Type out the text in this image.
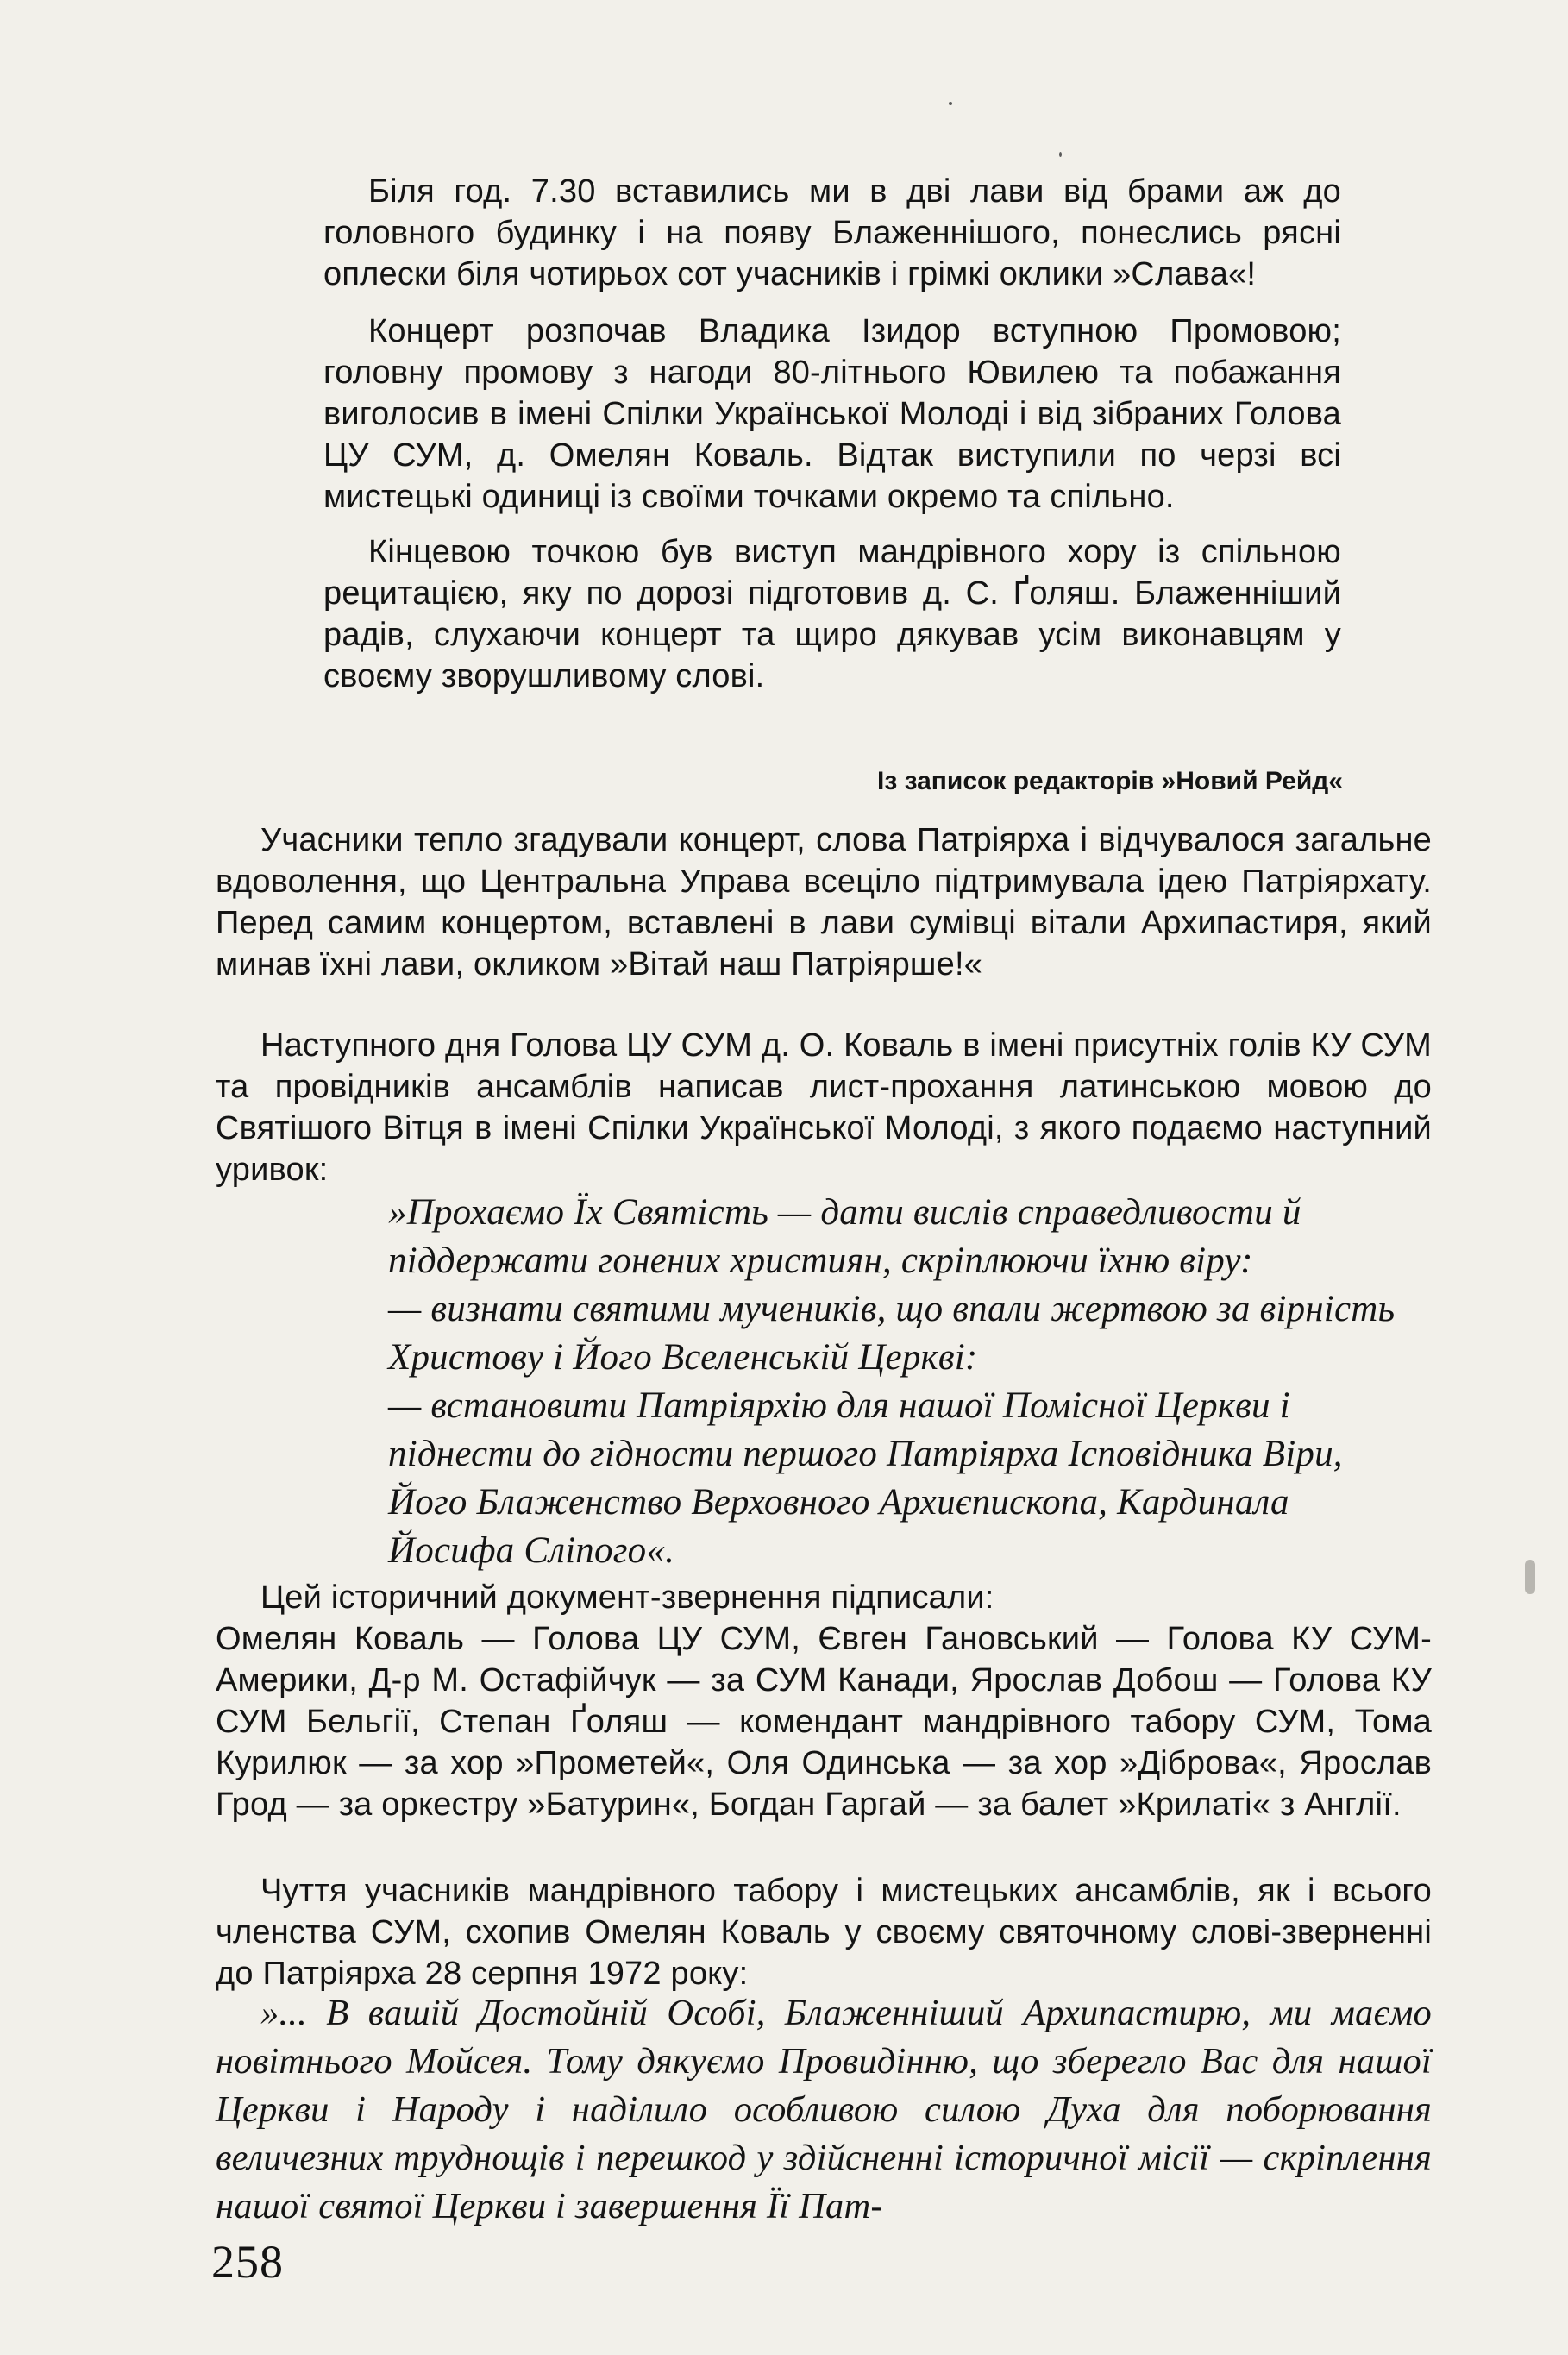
Біля год. 7.30 вставились ми в дві лави від брами аж до головного будинку і на появу Блаженнішого, понеслись рясні оплески біля чотирьох сот учасників і грімкі оклики »Слава«!

Концерт розпочав Владика Ізидор вступною Промовою; головну промову з нагоди 80-літнього Ювилею та побажання виголосив в імені Спілки Української Молоді і від зібраних Голова ЦУ СУМ, д. Омелян Коваль. Відтак виступили по черзі всі мистецькі одиниці із своїми точками окремо та спільно.

Кінцевою точкою був виступ мандрівного хору із спільною рецитацією, яку по дорозі підготовив д. С. Ґоляш. Блаженніший радів, слухаючи концерт та щиро дякував усім виконавцям у своєму зворушливому слові.

Із записок редакторів »Новий Рейд«

Учасники тепло згадували концерт, слова Патріярха і відчувалося загальне вдоволення, що Центральна Управа всеціло підтримувала ідею Патріярхату. Перед самим концертом, вставлені в лави сумівці вітали Архипастиря, який минав їхні лави, окликом »Вітай наш Патріярше!«

Наступного дня Голова ЦУ СУМ д. О. Коваль в імені присутніх голів КУ СУМ та провідників ансамблів написав лист-прохання латинською мовою до Святішого Вітця в імені Спілки Української Молоді, з якого подаємо наступний уривок:

»Прохаємо Їх Святість — дати вислів справедливости й піддержати гонених християн, скріплюючи їхню віру:
— визнати святими мучеників, що впали жертвою за вірність Христову і Його Вселенській Церкві:
— встановити Патріярхію для нашої Помісної Церкви і піднести до гідности першого Патріярха Ісповідника Віри, Його Блаженство Верховного Архиєпископа, Кардинала Йосифа Сліпого«.
Цей історичний документ-звернення підписали:
Омелян Коваль — Голова ЦУ СУМ, Євген Гановський — Голова КУ СУМ-Америки, Д-р М. Остафійчук — за СУМ Канади, Ярослав Добош — Голова КУ СУМ Бельгії, Степан Ґоляш — комендант мандрівного табору СУМ, Тома Курилюк — за хор »Прометей«, Оля Одинська — за хор »Діброва«, Ярослав Грод — за оркестру »Батурин«, Богдан Гаргай — за балет »Крилаті« з Англії.

Чуття учасників мандрівного табору і мистецьких ансамблів, як і всього членства СУМ, схопив Омелян Коваль у своєму святочному слові-зверненні до Патріярха 28 серпня 1972 року:

»... В вашій Достойній Особі, Блаженніший Архипастирю, ми маємо новітнього Мойсея. Тому дякуємо Провидінню, що зберегло Вас для нашої Церкви і Народу і наділило особливою силою Духа для поборювання величезних труднощів і перешкод у здійсненні історичної місії — скріплення нашої святої Церкви і завершення Її Пат-

258
